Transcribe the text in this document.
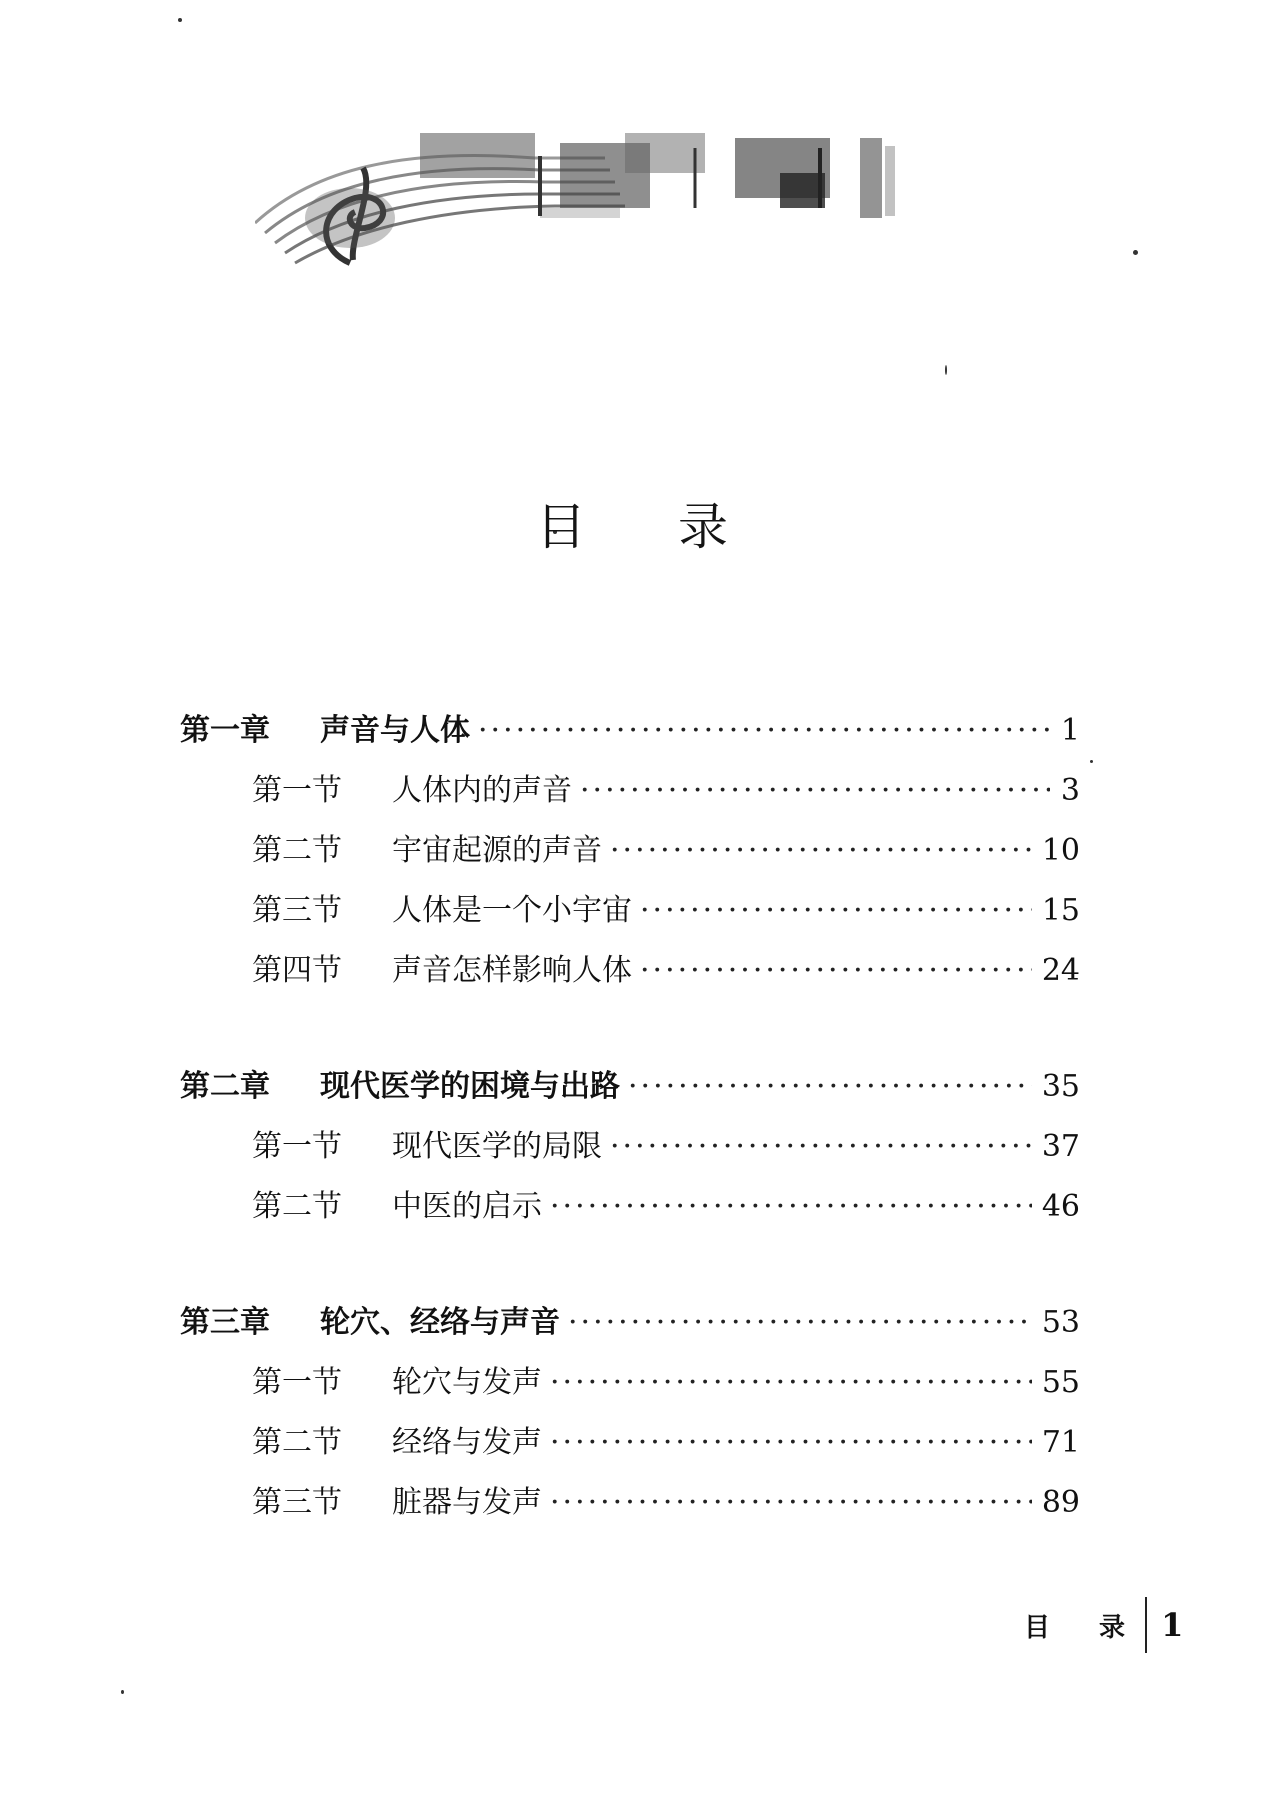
目 录
第一章	声音与人体 ·····	1
第一节	人体内的声音 ·····	3
第二节	宇宙起源的声音 ·····	10
第三节	人体是一个小宇宙 ·····	15
第四节	声音怎样影响人体 ·····	24
第二章	现代医学的困境与出路 ·····	35
第一节	现代医学的局限 ·····	37
第二节	中医的启示 ·····	46
第三章	轮穴、经络与声音 ·····	53
第一节	轮穴与发声 ·····	55
第二节	经络与发声 ·····	71
第三节	脏器与发声 ·····	89
目 录 1
